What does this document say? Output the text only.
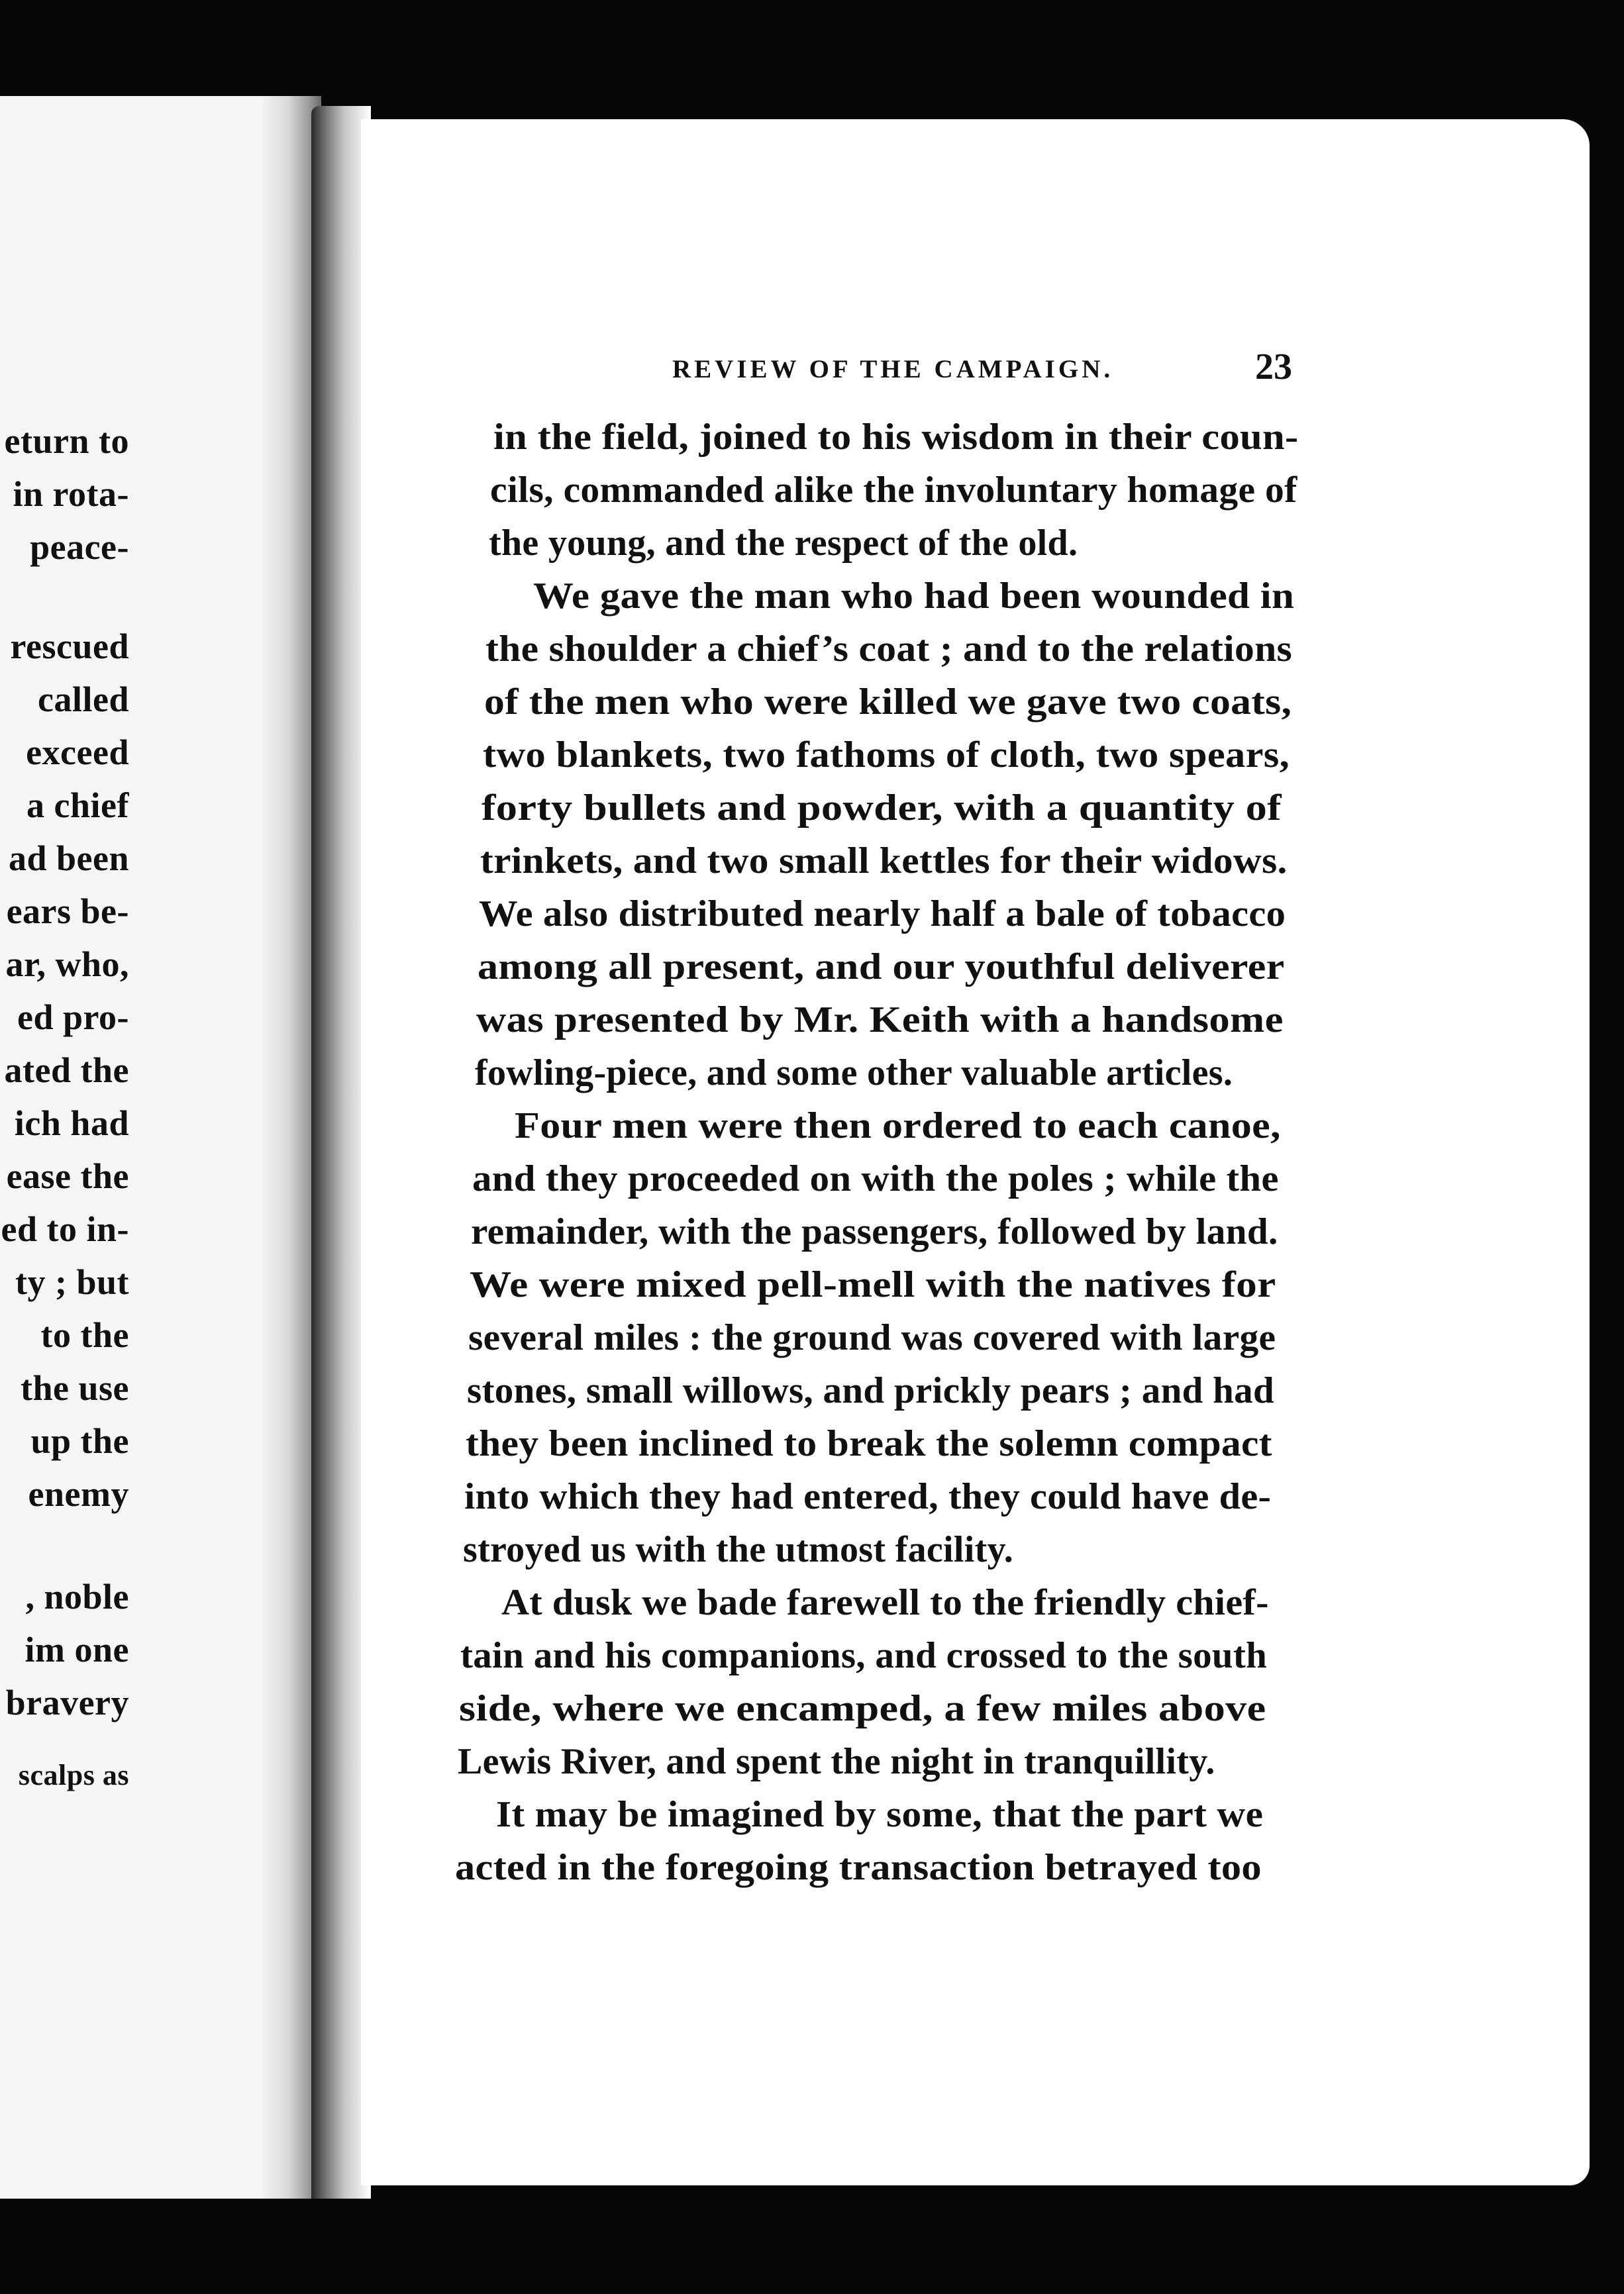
eturn to
in rota-
peace-
rescued
called
exceed
a chief
ad been
ears be-
ar, who,
ed pro-
ated the
ich had
ease the
ed to in-
ty ; but
to the
the use
up the
enemy
, noble
im one
bravery
scalps as
REVIEW OF THE CAMPAIGN.	23
in the field, joined to his wisdom in their coun-
cils, commanded alike the involuntary homage of
the young, and the respect of the old.
We gave the man who had been wounded in
the shoulder a chief’s coat ; and to the relations
of the men who were killed we gave two coats,
two blankets, two fathoms of cloth, two spears,
forty bullets and powder, with a quantity of
trinkets, and two small kettles for their widows.
We also distributed nearly half a bale of tobacco
among all present, and our youthful deliverer
was presented by Mr. Keith with a handsome
fowling-piece, and some other valuable articles.
Four men were then ordered to each canoe,
and they proceeded on with the poles ; while the
remainder, with the passengers, followed by land.
We were mixed pell-mell with the natives for
several miles : the ground was covered with large
stones, small willows, and prickly pears ; and had
they been inclined to break the solemn compact
into which they had entered, they could have de-
stroyed us with the utmost facility.
At dusk we bade farewell to the friendly chief-
tain and his companions, and crossed to the south
side, where we encamped, a few miles above
Lewis River, and spent the night in tranquillity.
It may be imagined by some, that the part we
acted in the foregoing transaction betrayed too
